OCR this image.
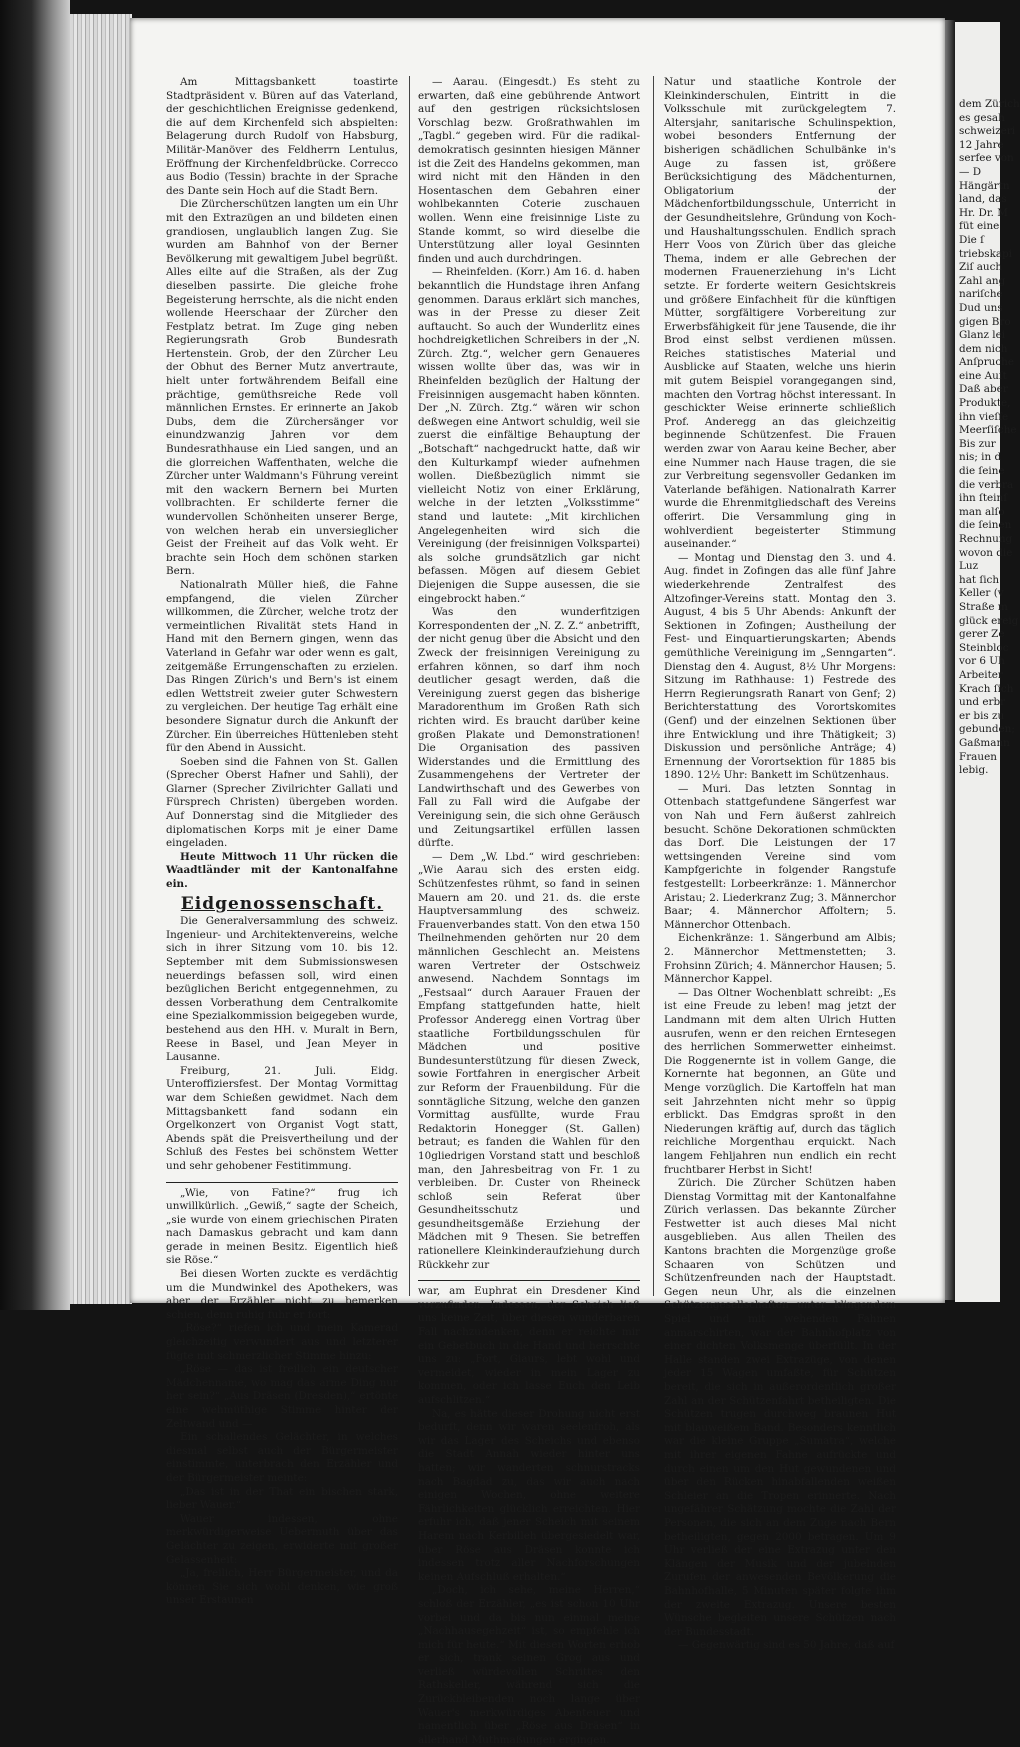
Am Mittagsbankett toastirte Stadtpräsident v. Büren auf das Vaterland, der geschichtlichen Ereignisse gedenkend, die auf dem Kirchenfeld sich abspielten: Belagerung durch Rudolf von Habsburg, Militär-Manöver des Feldherrn Lentulus, Eröffnung der Kirchenfeldbrücke. Correcco aus Bodio (Tessin) brachte in der Sprache des Dante sein Hoch auf die Stadt Bern.

Die Zürcherschützen langten um ein Uhr mit den Extrazügen an und bildeten einen grandiosen, unglaublich langen Zug. Sie wurden am Bahnhof von der Berner Bevölkerung mit gewaltigem Jubel begrüßt. Alles eilte auf die Straßen, als der Zug dieselben passirte. Die gleiche frohe Begeisterung herrschte, als die nicht enden wollende Heerschaar der Zürcher den Festplatz betrat. Im Zuge ging neben Regierungsrath Grob Bundesrath Hertenstein. Grob, der den Zürcher Leu der Obhut des Berner Mutz anvertraute, hielt unter fortwährendem Beifall eine prächtige, gemüthsreiche Rede voll männlichen Ernstes. Er erinnerte an Jakob Dubs, dem die Zürchersänger vor einundzwanzig Jahren vor dem Bundesrathhause ein Lied sangen, und an die glorreichen Waffenthaten, welche die Zürcher unter Waldmann's Führung vereint mit den wackern Bernern bei Murten vollbrachten. Er schilderte ferner die wundervollen Schönheiten unserer Berge, von welchen herab ein unversieglicher Geist der Freiheit auf das Volk weht. Er brachte sein Hoch dem schönen starken Bern.

Nationalrath Müller hieß, die Fahne empfangend, die vielen Zürcher willkommen, die Zürcher, welche trotz der vermeintlichen Rivalität stets Hand in Hand mit den Bernern gingen, wenn das Vaterland in Gefahr war oder wenn es galt, zeitgemäße Errungenschaften zu erzielen. Das Ringen Zürich's und Bern's ist einem edlen Wettstreit zweier guter Schwestern zu vergleichen. Der heutige Tag erhält eine besondere Signatur durch die Ankunft der Zürcher. Ein überreiches Hüttenleben steht für den Abend in Aussicht.

Soeben sind die Fahnen von St. Gallen (Sprecher Oberst Hafner und Sahli), der Glarner (Sprecher Zivilrichter Gallati und Fürsprech Christen) übergeben worden. Auf Donnerstag sind die Mitglieder des diplomatischen Korps mit je einer Dame eingeladen.

Heute Mittwoch 11 Uhr rücken die Waadtländer mit der Kantonalfahne ein.

Eidgenossenschaft.

Die Generalversammlung des schweiz. Ingenieur- und Architektenvereins, welche sich in ihrer Sitzung vom 10. bis 12. September mit dem Submissionswesen neuerdings befassen soll, wird einen bezüglichen Bericht entgegennehmen, zu dessen Vorberathung dem Centralkomite eine Spezialkommission beigegeben wurde, bestehend aus den HH. v. Muralt in Bern, Reese in Basel, und Jean Meyer in Lausanne.

Freiburg, 21. Juli. Eidg. Unteroffiziersfest. Der Montag Vormittag war dem Schießen gewidmet. Nach dem Mittagsbankett fand sodann ein Orgelkonzert von Organist Vogt statt, Abends spät die Preisvertheilung und der Schluß des Festes bei schönstem Wetter und sehr gehobener Festitimmung.

„Wie, von Fatine?“ frug ich unwillkürlich. „Gewiß,“ sagte der Scheich, „sie wurde von einem griechischen Piraten nach Damaskus gebracht und kam dann gerade in meinen Besitz. Eigentlich hieß sie Röse.“

Bei diesen Worten zuckte es verdächtig um die Mundwinkel des Apothekers, was aber der Erzähler nicht zu bemerken schien, denn ruhig fuhr er fort:

„Röse?“ riefen ich und mein Kamerad gleichzeitig verwundert aus und letzterer fügte mit schmerzlicher Stimme hinzu:

„Röse — das ist freilich ein deutscher Mädchenname, wo mag das arme Ding nur her sein?“ „Aus Dräsen (Dresden),“ ertönte eine wehmüthige Stimme hinter der Zeltwand und —

Ein schallendes Gelächter, in welches diesmal selbst auch der Bürgermeister einstimmte, unterbrach den Erzähler und der Bürgermeister meinte:

„Das ist in der That ein bischen stark, lieber Wauer.“

Wauer indessen, ohne merkwürdigerweise Uebermuth über das Gelächter zu zeigen, erwiderte mit großer Gelassenheit:

„Ja, freilich, Herr Bürgermeister, und da können Sie sich wohl denken, wie groß unser Erstaunen

— Aarau. (Eingesdt.) Es steht zu erwarten, daß eine gebührende Antwort auf den gestrigen rücksichtslosen Vorschlag bezw. Großrathwahlen im „Tagbl.“ gegeben wird. Für die radikal-demokratisch gesinnten hiesigen Männer ist die Zeit des Handelns gekommen, man wird nicht mit den Händen in den Hosentaschen dem Gebahren einer wohlbekannten Coterie zuschauen wollen. Wenn eine freisinnige Liste zu Stande kommt, so wird dieselbe die Unterstützung aller loyal Gesinnten finden und auch durchdringen.

— Rheinfelden. (Korr.) Am 16. d. haben bekanntlich die Hundstage ihren Anfang genommen. Daraus erklärt sich manches, was in der Presse zu dieser Zeit auftaucht. So auch der Wunderlitz eines hochdreigketlichen Schreibers in der „N. Zürch. Ztg.“, welcher gern Genaueres wissen wollte über das, was wir in Rheinfelden bezüglich der Haltung der Freisinnigen ausgemacht haben könnten. Der „N. Zürch. Ztg.“ wären wir schon deßwegen eine Antwort schuldig, weil sie zuerst die einfältige Behauptung der „Botschaft“ nachgedruckt hatte, daß wir den Kulturkampf wieder aufnehmen wollen. Dießbezüglich nimmt sie vielleicht Notiz von einer Erklärung, welche in der letzten „Volksstimme“ stand und lautete: „Mit kirchlichen Angelegenheiten wird sich die Vereinigung (der freisinnigen Volkspartei) als solche grundsätzlich gar nicht befassen. Mögen auf diesem Gebiet Diejenigen die Suppe ausessen, die sie eingebrockt haben.“

Was den wunderfitzigen Korrespondenten der „N. Z. Z.“ anbetrifft, der nicht genug über die Absicht und den Zweck der freisinnigen Vereinigung zu erfahren können, so darf ihm noch deutlicher gesagt werden, daß die Vereinigung zuerst gegen das bisherige Maradorenthum im Großen Rath sich richten wird. Es braucht darüber keine großen Plakate und Demonstrationen! Die Organisation des passiven Widerstandes und die Ermittlung des Zusammengehens der Vertreter der Landwirthschaft und des Gewerbes von Fall zu Fall wird die Aufgabe der Vereinigung sein, die sich ohne Geräusch und Zeitungsartikel erfüllen lassen dürfte.

— Dem „W. Lbd.“ wird geschrieben: „Wie Aarau sich des ersten eidg. Schützenfestes rühmt, so fand in seinen Mauern am 20. und 21. ds. die erste Hauptversammlung des schweiz. Frauenverbandes statt. Von den etwa 150 Theilnehmenden gehörten nur 20 dem männlichen Geschlecht an. Meistens waren Vertreter der Ostschweiz anwesend. Nachdem Sonntags im „Festsaal“ durch Aarauer Frauen der Empfang stattgefunden hatte, hielt Professor Anderegg einen Vortrag über staatliche Fortbildungsschulen für Mädchen und positive Bundesunterstützung für diesen Zweck, sowie Fortfahren in energischer Arbeit zur Reform der Frauenbildung. Für die sonntägliche Sitzung, welche den ganzen Vormittag ausfüllte, wurde Frau Redaktorin Honegger (St. Gallen) betraut; es fanden die Wahlen für den 10gliedrigen Vorstand statt und beschloß man, den Jahresbeitrag von Fr. 1 zu verbleiben. Dr. Custer von Rheineck schloß sein Referat über Gesundheitsschutz und gesundheitsgemäße Erziehung der Mädchen mit 9 Thesen. Sie betreffen rationellere Kleinkinderaufziehung durch Rückkehr zur

war, am Euphrat ein Dresdener Kind vorzufinden. Indessen, der Scheich ließ uns keine Zeit, über diesen wunderbaren Fall nachzudenken, denn er reichte mir ein Gebetbuch in die Hand und herrschte uns zu: „Fort, Giaurs, lebt wohl und vermeidet, wieder in mein Lager zu kommen, oder ich lasse Euch den Leib aufschlitzen.“

Na, es hätte dieser Drohung nicht erst bedurft, denn wir waren seelenfroh, als wir das Lager des Scheichs und ebenso die Stadt Annah wieder hinter uns hatten; wir wanderten schnurstracks nach Bagdad zu, das wir auch nach einigen Wochen, ohne weitere Fährlichkeiten glücklich erreichten. Hier erfuhr ich, daß jener Scheich mit seinem Harem nach Kerbilleh übergesiedelt war, über Röse aus Dräsen konnte ich indessen trotz aller Nachforschungen keinen Aufschluß erhalten.“

„Doch, ich sehe, meine Herren,“ schloß der Erzähler, „es ist schon 10 Uhr vorbei und da bis nun einmal meine „Nachhausegehzeit“ ist, so empfehle ich mich für heute.“ Mit diesen Worten erhob er sich, trank seinen Grog aus und verließ würdevollen Schrittes den Rathskeller, während sich die Zurückbleibenden noch lange über Wauer's merkwürdiges Abenteuer und namentlich über „Röse aus Dräsen“ in allerhand Muthmaßungen ergingen.

Natur und staatliche Kontrole der Kleinkinderschulen, Eintritt in die Volksschule mit zurückgelegtem 7. Altersjahr, sanitarische Schulinspektion, wobei besonders Entfernung der bisherigen schädlichen Schulbänke in's Auge zu fassen ist, größere Berücksichtigung des Mädchenturnen, Obligatorium der Mädchenfortbildungsschule, Unterricht in der Gesundheitslehre, Gründung von Koch- und Haushaltungsschulen. Endlich sprach Herr Voos von Zürich über das gleiche Thema, indem er alle Gebrechen der modernen Frauenerziehung in's Licht setzte. Er forderte weitern Gesichtskreis und größere Einfachheit für die künftigen Mütter, sorgfältigere Vorbereitung zur Erwerbsfähigkeit für jene Tausende, die ihr Brod einst selbst verdienen müssen. Reiches statistisches Material und Ausblicke auf Staaten, welche uns hierin mit gutem Beispiel vorangegangen sind, machten den Vortrag höchst interessant. In geschickter Weise erinnerte schließlich Prof. Anderegg an das gleichzeitig beginnende Schützenfest. Die Frauen werden zwar von Aarau keine Becher, aber eine Nummer nach Hause tragen, die sie zur Verbreitung segensvoller Gedanken im Vaterlande befähigen. Nationalrath Karrer wurde die Ehrenmitgliedschaft des Vereins offerirt. Die Versammlung ging in wohlverdient begeisterter Stimmung auseinander.“

— Montag und Dienstag den 3. und 4. Aug. findet in Zofingen das alle fünf Jahre wiederkehrende Zentralfest des Altzofinger-Vereins statt. Montag den 3. August, 4 bis 5 Uhr Abends: Ankunft der Sektionen in Zofingen; Austheilung der Fest- und Einquartierungskarten; Abends gemüthliche Vereinigung im „Senngarten“. Dienstag den 4. August, 8½ Uhr Morgens: Sitzung im Rathhause: 1) Festrede des Herrn Regierungsrath Ranart von Genf; 2) Berichterstattung des Vorortskomites (Genf) und der einzelnen Sektionen über ihre Entwicklung und ihre Thätigkeit; 3) Diskussion und persönliche Anträge; 4) Ernennung der Vorortsektion für 1885 bis 1890. 12½ Uhr: Bankett im Schützenhaus.

— Muri. Das letzten Sonntag in Ottenbach stattgefundene Sängerfest war von Nah und Fern äußerst zahlreich besucht. Schöne Dekorationen schmückten das Dorf. Die Leistungen der 17 wettsingenden Vereine sind vom Kampfgerichte in folgender Rangstufe festgestellt: Lorbeerkränze: 1. Männerchor Aristau; 2. Liederkranz Zug; 3. Männerchor Baar; 4. Männerchor Affoltern; 5. Männerchor Ottenbach.

Eichenkränze: 1. Sängerbund am Albis; 2. Männerchor Mettmenstetten; 3. Frohsinn Zürich; 4. Männerchor Hausen; 5. Männerchor Kappel.

— Das Oltner Wochenblatt schreibt: „Es ist eine Freude zu leben! mag jetzt der Landmann mit dem alten Ulrich Hutten ausrufen, wenn er den reichen Erntesegen des herrlichen Sommerwetter einheimst. Die Roggenernte ist in vollem Gange, die Kornernte hat begonnen, an Güte und Menge vorzüglich. Die Kartoffeln hat man seit Jahrzehnten nicht mehr so üppig erblickt. Das Emdgras sproßt in den Niederungen kräftig auf, durch das täglich reichliche Morgenthau erquickt. Nach langem Fehljahren nun endlich ein recht fruchtbarer Herbst in Sicht!

Zürich. Die Zürcher Schützen haben Dienstag Vormittag mit der Kantonalfahne Zürich verlassen. Das bekannte Zürcher Festwetter ist auch dieses Mal nicht ausgeblieben. Aus allen Theilen des Kantons brachten die Morgenzüge große Schaaren von Schützen und Schützenfreunden nach der Hauptstadt. Gegen neun Uhr, als die einzelnen Schützengesellschaften unter klingendem Spiel und mit wehenden Fahnen anmarschirten, war der Bahnhofplatz von einer dichten Volksmenge überfüllt. In der Halle standen zwei Extrazüge, von denen jeder 15 Wagen umfaßte, für Schützen bereit, die sich in außerordentlich großer Zahl an der Schützenfahrt betheiligten. Die Schützen trugen durchweg braunen Hut mit blauweißem Band. Besonders kenntlich war die kleine Gruppe „Sumatra“, welche mit ihrer eigenen Fahne aufrückte und durch einen um den Hut gewundenen und über den Rücken hinabfallenden weißen Schleier an die Tropen erinnerte. Nach ungefährer Schätzung mochte die Zahl der Personen, die sich an dem Zuge nach Bern betheiligten, gegen 2000 betragen. Um 9 Uhr verließ der eine Extrazug unter den Klängen der Musik und der jubelnden Zurufen der anwesenden Bevölkerung die Bahnhofhalle, 5 Minuten später folgte ihm der zweite Extrazug. Unsere besten Wünsche begleiten unsere Schützen nach der Bundesstadt.

— Gegenwärtig sind es 50 Jahre, daß auf

dem Zürich
es gesah
schweizeri
12 Jahre
serfee von
— D
Hängärtn
land, das
Hr. Dr. M
füt eine
Die ſ
triebskapi
Ziſ auch
Zahl ang
nariſche
Dud uns
gigen Bro
Glanz lei
dem nich
Anſpruche
eine Auſt
Daß aber
Produkte,
ihn vieſſe
Meerſiſche
Bis zur
nis; in d
die ſeine
die verbra
ihn ſteinſ
man alſo
die ſeinen
Rechnung
wovon die
Luz
hat ſich
Keller (v
Straße m
glück ereig
gerer Ze
Steinbloc
vor 6 Uh
Arbeiter
Krach ſich
und erbr
er bis zu
gebunden;
Gaßmann
Frauen
lebig.
